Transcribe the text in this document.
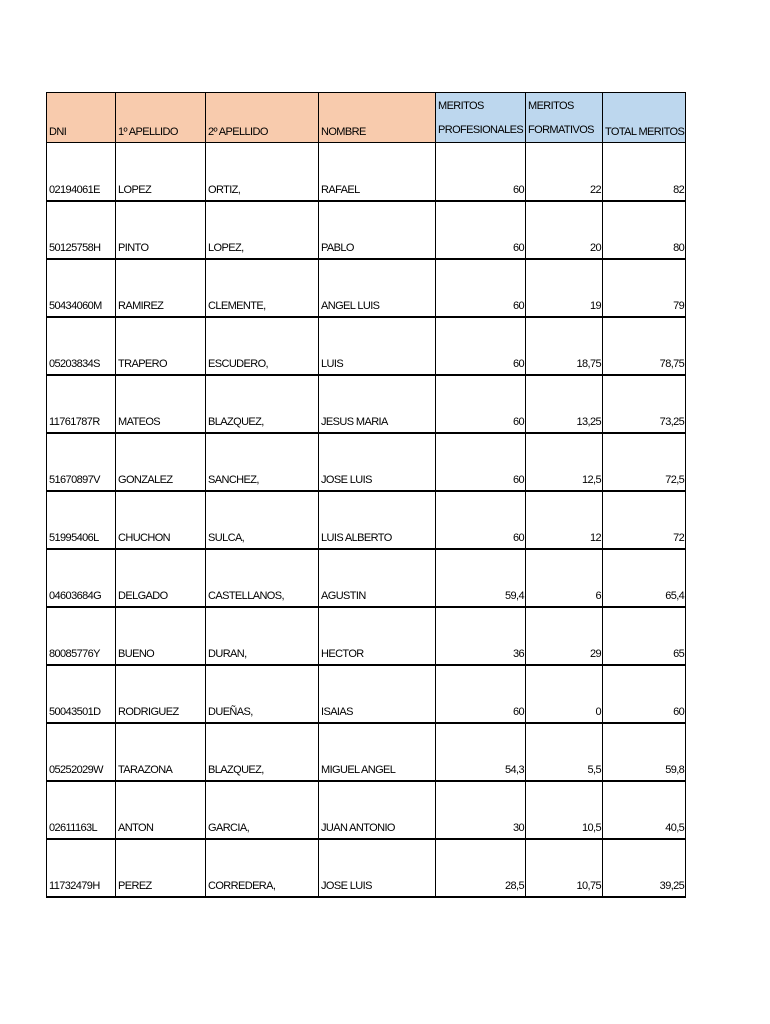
DNI	1º APELLIDO	2º APELLIDO	NOMBRE	MERITOS PROFESIONALES	MERITOS FORMATIVOS	TOTAL MERITOS
02194061E	LOPEZ	ORTIZ,	RAFAEL	60	22	82
50125758H	PINTO	LOPEZ,	PABLO	60	20	80
50434060M	RAMIREZ	CLEMENTE,	ANGEL LUIS	60	19	79
05203834S	TRAPERO	ESCUDERO,	LUIS	60	18,75	78,75
11761787R	MATEOS	BLAZQUEZ,	JESUS MARIA	60	13,25	73,25
51670897V	GONZALEZ	SANCHEZ,	JOSE LUIS	60	12,5	72,5
51995406L	CHUCHON	SULCA,	LUIS ALBERTO	60	12	72
04603684G	DELGADO	CASTELLANOS,	AGUSTIN	59,4	6	65,4
80085776Y	BUENO	DURAN,	HECTOR	36	29	65
50043501D	RODRIGUEZ	DUEÑAS,	ISAIAS	60	0	60
05252029W	TARAZONA	BLAZQUEZ,	MIGUEL ANGEL	54,3	5,5	59,8
02611163L	ANTON	GARCIA,	JUAN ANTONIO	30	10,5	40,5
11732479H	PEREZ	CORREDERA,	JOSE LUIS	28,5	10,75	39,25
